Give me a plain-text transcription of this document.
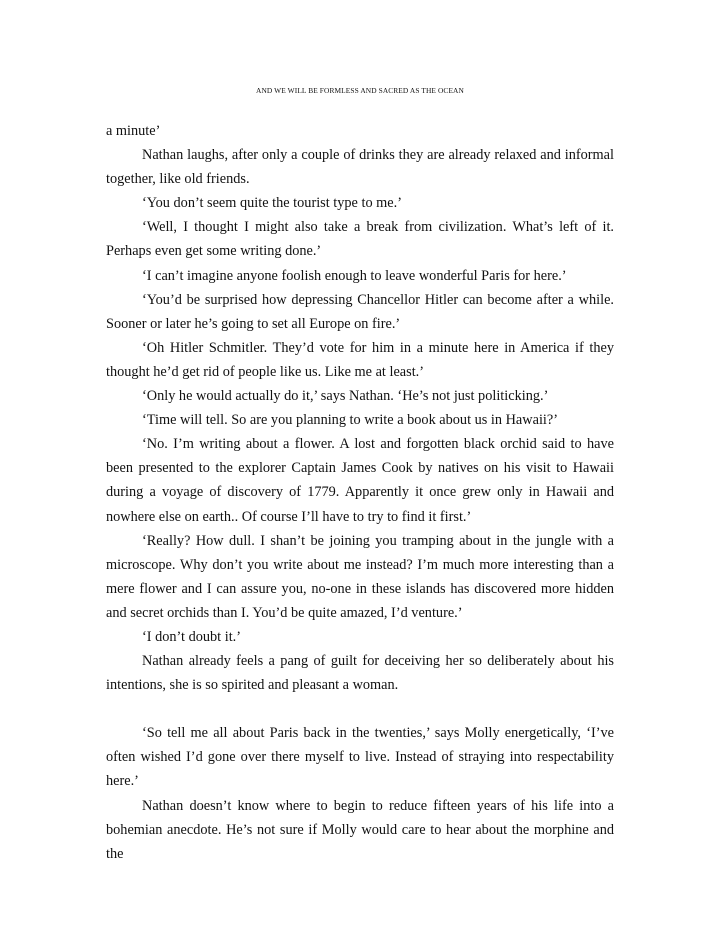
AND WE WILL BE FORMLESS AND SACRED AS THE OCEAN

a minute’

Nathan laughs, after only a couple of drinks they are already relaxed and informal together, like old friends.

‘You don’t seem quite the tourist type to me.’

‘Well, I thought I might also take a break from civilization. What’s left of it. Perhaps even get some writing done.’

‘I can’t imagine anyone foolish enough to leave wonderful Paris for here.’

‘You’d be surprised how depressing Chancellor Hitler can become after a while. Sooner or later he’s going to set all Europe on fire.’

‘Oh Hitler Schmitler. They’d vote for him in a minute here in America if they thought he’d get rid of people like us. Like me at least.’

‘Only he would actually do it,’ says Nathan. ‘He’s not just politicking.’

‘Time will tell. So are you planning to write a book about us in Hawaii?’

‘No. I’m writing about a flower. A lost and forgotten black orchid said to have been presented to the explorer Captain James Cook by natives on his visit to Hawaii during a voyage of discovery of 1779. Apparently it once grew only in Hawaii and nowhere else on earth.. Of course I’ll have to try to find it first.’

‘Really? How dull. I shan’t be joining you tramping about in the jungle with a microscope. Why don’t you write about me instead? I’m much more interesting than a mere flower and I can assure you, no-one in these islands has discovered more hidden and secret orchids than I. You’d be quite amazed, I’d venture.’

‘I don’t doubt it.’

Nathan already feels a pang of guilt for deceiving her so deliberately about his intentions, she is so spirited and pleasant a woman.

‘So tell me all about Paris back in the twenties,’ says Molly energetically, ‘I’ve often wished I’d gone over there myself to live. Instead of straying into respectability here.’

Nathan doesn’t know where to begin to reduce fifteen years of his life into a bohemian anecdote. He’s not sure if Molly would care to hear about the morphine and the
